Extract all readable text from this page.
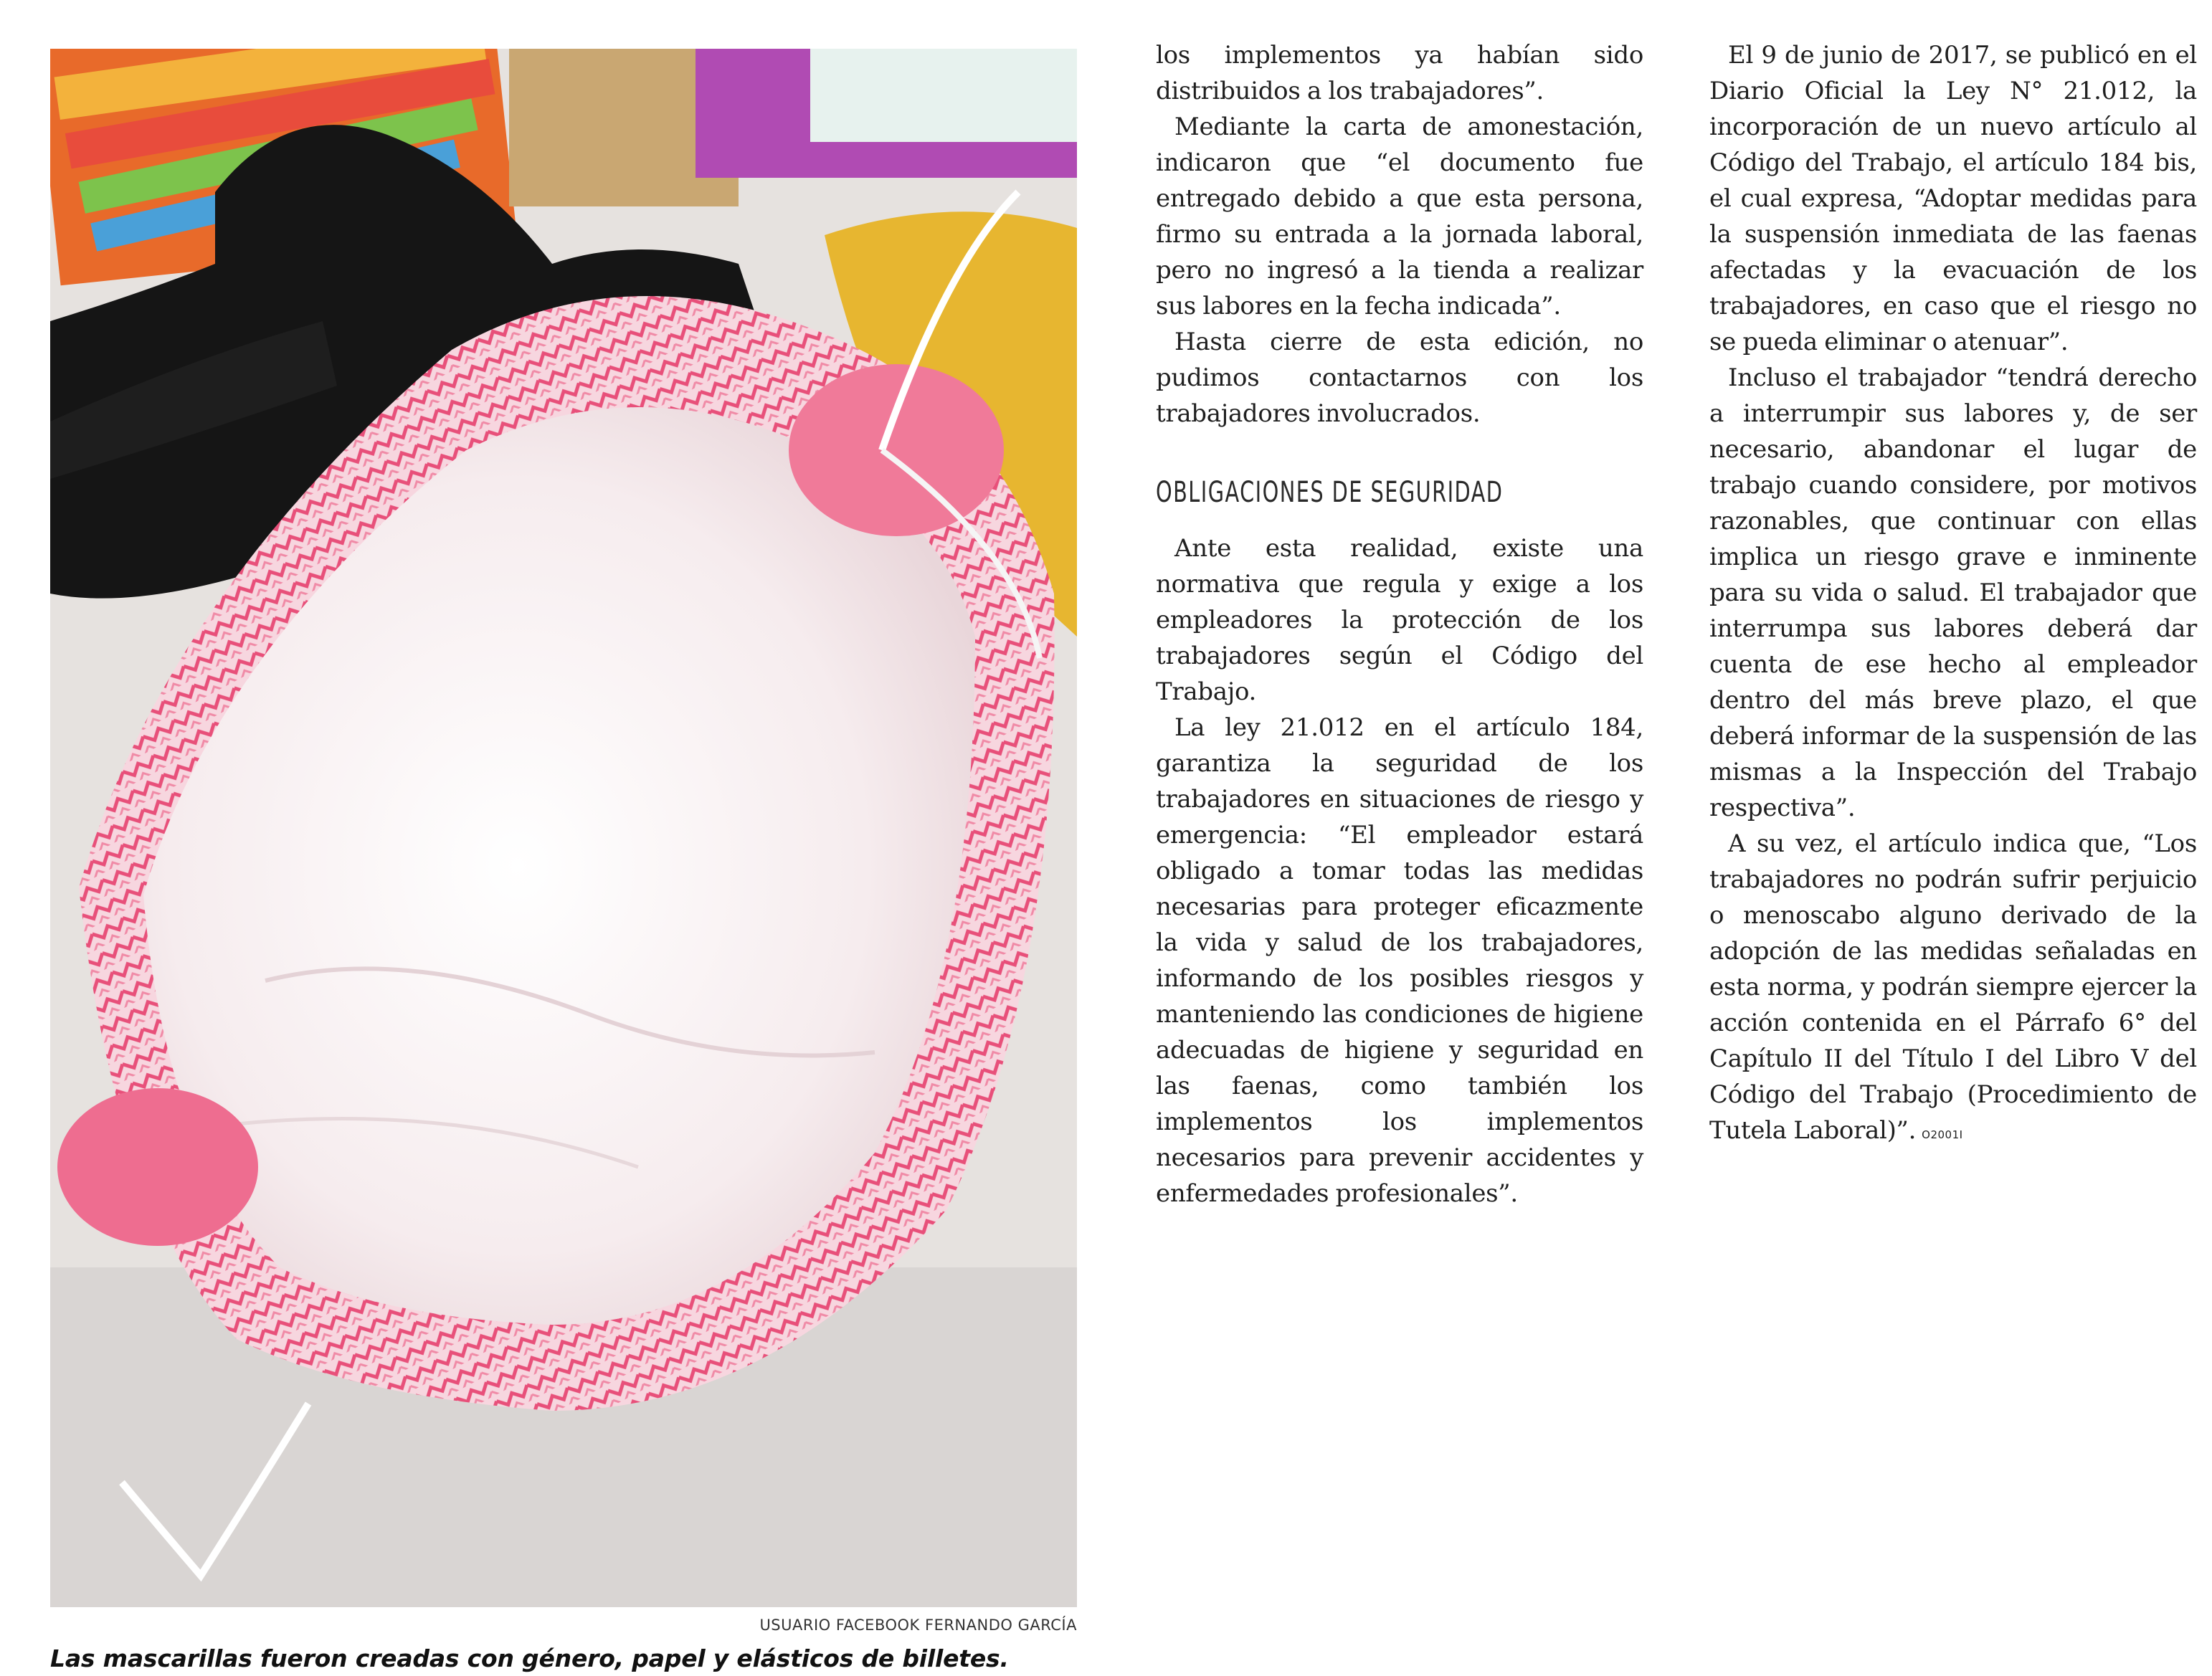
USUARIO FACEBOOK FERNANDO GARCÍA
Las mascarillas fueron creadas con género, papel y elásticos de billetes.

los implementos ya habían sido distribuidos a los trabajadores”.

Mediante la carta de amonestación, indicaron que “el documento fue entregado debido a que esta persona, firmo su entrada a la jornada laboral, pero no ingresó a la tienda a realizar sus labores en la fecha indicada”.

Hasta cierre de esta edición, no pudimos contactarnos con los trabajadores involucrados.

OBLIGACIONES DE SEGURIDAD

Ante esta realidad, existe una normativa que regula y exige a los empleadores la protección de los trabajadores según el Código del Trabajo.

La ley 21.012 en el artículo 184, garantiza la seguridad de los trabajadores en situaciones de riesgo y emergencia: “El empleador estará obligado a tomar todas las medidas necesarias para proteger eficazmente la vida y salud de los trabajadores, informando de los posibles riesgos y manteniendo las condiciones de higiene adecuadas de higiene y seguridad en las faenas, como también los implementos los implementos necesarios para prevenir accidentes y enfermedades profesionales”.

El 9 de junio de 2017, se publicó en el Diario Oficial la Ley N° 21.012, la incorporación de un nuevo artículo al Código del Trabajo, el artículo 184 bis, el cual expresa, “Adoptar medidas para la suspensión inmediata de las faenas afectadas y la evacuación de los trabajadores, en caso que el riesgo no se pueda eliminar o atenuar”.

Incluso el trabajador “tendrá derecho a interrumpir sus labores y, de ser necesario, abandonar el lugar de trabajo cuando considere, por motivos razonables, que continuar con ellas implica un riesgo grave e inminente para su vida o salud. El trabajador que interrumpa sus labores deberá dar cuenta de ese hecho al empleador dentro del más breve plazo, el que deberá informar de la suspensión de las mismas a la Inspección del Trabajo respectiva”.

A su vez, el artículo indica que, “Los trabajadores no podrán sufrir perjuicio o menoscabo alguno derivado de la adopción de las medidas señaladas en esta norma, y podrán siempre ejercer la acción contenida en el Párrafo 6° del Capítulo II del Título I del Libro V del Código del Trabajo (Procedimiento de Tutela Laboral)”. O2001I
